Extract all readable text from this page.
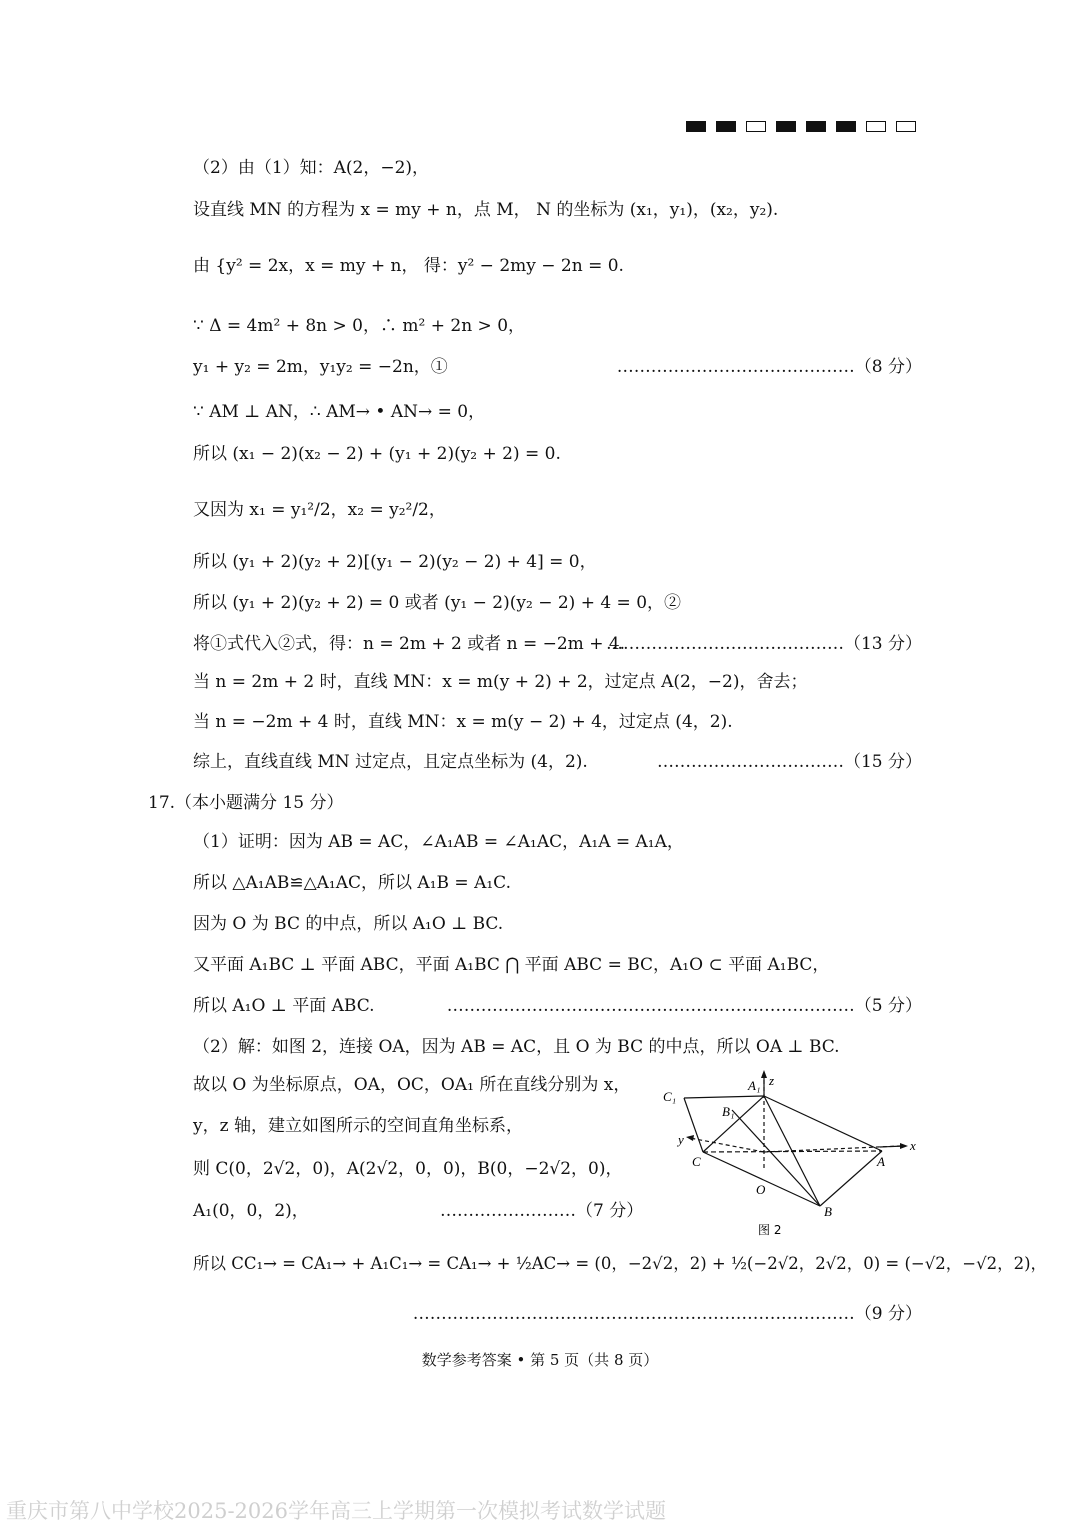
（2）由（1）知：A(2，−2)，
设直线 MN 的方程为 x = my + n，点 M， N 的坐标为 (x₁，y₁)，(x₂，y₂).
由 {y² = 2x，x = my + n， 得：y² − 2my − 2n = 0.
∵ Δ = 4m² + 8n > 0，∴ m² + 2n > 0，
y₁ + y₂ = 2m，y₁y₂ = −2n，①	……………………………………（8 分）
∵ AM ⊥ AN，∴ AM→ • AN→ = 0，
所以 (x₁ − 2)(x₂ − 2) + (y₁ + 2)(y₂ + 2) = 0.
又因为 x₁ = y₁²/2，x₂ = y₂²/2，
所以 (y₁ + 2)(y₂ + 2)[(y₁ − 2)(y₂ − 2) + 4] = 0，
所以 (y₁ + 2)(y₂ + 2) = 0 或者 (y₁ − 2)(y₂ − 2) + 4 = 0，②
将①式代入②式，得：n = 2m + 2 或者 n = −2m + 4.
……………………………………（13 分）
当 n = 2m + 2 时，直线 MN：x = m(y + 2) + 2，过定点 A(2，−2)，舍去；
当 n = −2m + 4 时，直线 MN：x = m(y − 2) + 4，过定点 (4，2).
综上，直线直线 MN 过定点，且定点坐标为 (4，2).	……………………………（15 分）
17.（本小题满分 15 分）
（1）证明：因为 AB = AC，∠A₁AB = ∠A₁AC，A₁A = A₁A，
所以 △A₁AB≌△A₁AC，所以 A₁B = A₁C.
因为 O 为 BC 的中点，所以 A₁O ⊥ BC.
又平面 A₁BC ⊥ 平面 ABC，平面 A₁BC ⋂ 平面 ABC = BC，A₁O ⊂ 平面 A₁BC，
所以 A₁O ⊥ 平面 ABC.	………………………………………………………………（5 分）
（2）解：如图 2，连接 OA，因为 AB = AC，且 O 为 BC 的中点，所以 OA ⊥ BC.
故以 O 为坐标原点，OA，OC，OA₁ 所在直线分别为 x，
y，z 轴，建立如图所示的空间直角坐标系，
则 C(0，2√2，0)，A(2√2，0，0)，B(0，−2√2，0)，
A₁(0，0，2)，	……………………（7 分）
所以 CC₁→ = CA₁→ + A₁C₁→ = CA₁→ + ½AC→ = (0，−2√2，2) + ½(−2√2，2√2，0) = (−√2，−√2，2)，
……………………………………………………………………（9 分）
C₁
A₁
B₁
z
y	x
C	A
O
B
图 2
数学参考答案 • 第 5 页（共 8 页）
重庆市第八中学校2025-2026学年高三上学期第一次模拟考试数学试题
